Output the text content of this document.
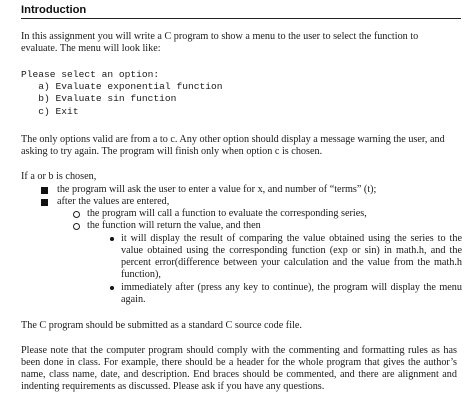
Introduction
In this assignment you will write a C program to show a menu to the user to select the function to evaluate. The menu will look like:
Please select an option:
a) Evaluate exponential function
b) Evaluate sin function
c) Exit
The only options valid are from a to c. Any other option should display a message warning the user, and asking to try again. The program will finish only when option c is chosen.
If a or b is chosen,
the program will ask the user to enter a value for x, and number of “terms” (t);
after the values are entered,
the program will call a function to evaluate the corresponding series,
the function will return the value, and then
it will display the result of comparing the value obtained using the series to the value obtained using the corresponding function (exp or sin) in math.h, and the percent error(difference between your calculation and the value from the math.h function),
immediately after (press any key to continue), the program will display the menu again.
The C program should be submitted as a standard C source code file.
Please note that the computer program should comply with the commenting and formatting rules as has been done in class. For example, there should be a header for the whole program that gives the author’s name, class name, date, and description. End braces should be commented, and there are alignment and indenting requirements as discussed. Please ask if you have any questions.
